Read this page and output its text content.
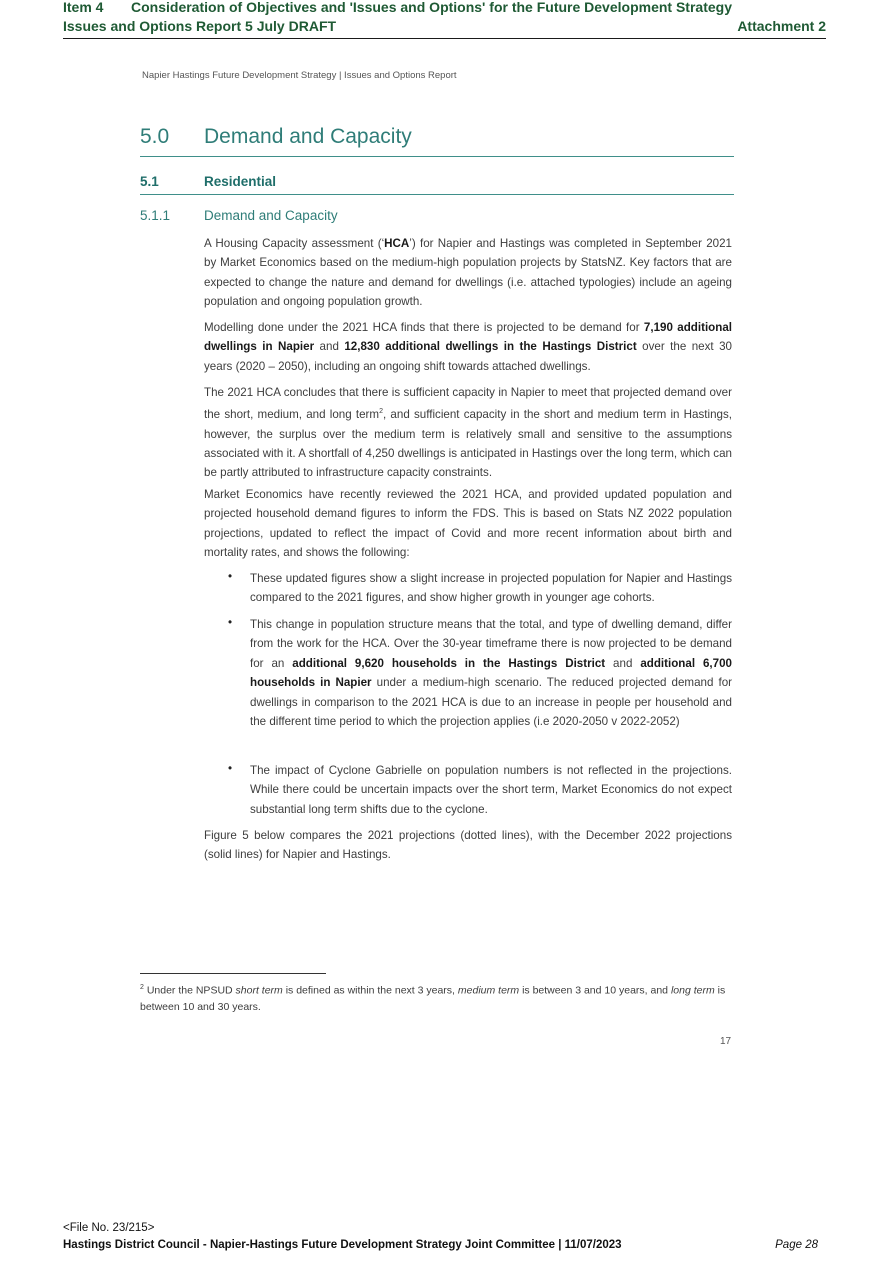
Item 4 Consideration of Objectives and 'Issues and Options' for the Future Development Strategy
Issues and Options Report 5 July DRAFT	Attachment 2
Napier Hastings Future Development Strategy | Issues and Options Report
5.0 Demand and Capacity
5.1	Residential
5.1.1	Demand and Capacity

A Housing Capacity assessment (‘HCA’) for Napier and Hastings was completed in September 2021 by Market Economics based on the medium-high population projects by StatsNZ. Key factors that are expected to change the nature and demand for dwellings (i.e. attached typologies) include an ageing population and ongoing population growth.

Modelling done under the 2021 HCA finds that there is projected to be demand for 7,190 additional dwellings in Napier and 12,830 additional dwellings in the Hastings District over the next 30 years (2020 – 2050), including an ongoing shift towards attached dwellings.

The 2021 HCA concludes that there is sufficient capacity in Napier to meet that projected demand over the short, medium, and long term$^2$, and sufficient capacity in the short and medium term in Hastings, however, the surplus over the medium term is relatively small and sensitive to the assumptions associated with it. A shortfall of 4,250 dwellings is anticipated in Hastings over the long term, which can be partly attributed to infrastructure capacity constraints.

Market Economics have recently reviewed the 2021 HCA, and provided updated population and projected household demand figures to inform the FDS. This is based on Stats NZ 2022 population projections, updated to reflect the impact of Covid and more recent information about birth and mortality rates, and shows the following:

• These updated figures show a slight increase in projected population for Napier and Hastings compared to the 2021 figures, and show higher growth in younger age cohorts.

• This change in population structure means that the total, and type of dwelling demand, differ from the work for the HCA. Over the 30-year timeframe there is now projected to be demand for an additional 9,620 households in the Hastings District and additional 6,700 households in Napier under a medium-high scenario. The reduced projected demand for dwellings in comparison to the 2021 HCA is due to an increase in people per household and the different time period to which the projection applies (i.e 2020-2050 v 2022-2052)

• The impact of Cyclone Gabrielle on population numbers is not reflected in the projections. While there could be uncertain impacts over the short term, Market Economics do not expect substantial long term shifts due to the cyclone.

Figure 5 below compares the 2021 projections (dotted lines), with the December 2022 projections (solid lines) for Napier and Hastings.

$^2$ Under the NPSUD short term is defined as within the next 3 years, medium term is between 3 and 10 years, and long term is between 10 and 30 years.

17
<File No. 23/215>
Hastings District Council - Napier-Hastings Future Development Strategy Joint Committee | 11/07/2023	Page 28
